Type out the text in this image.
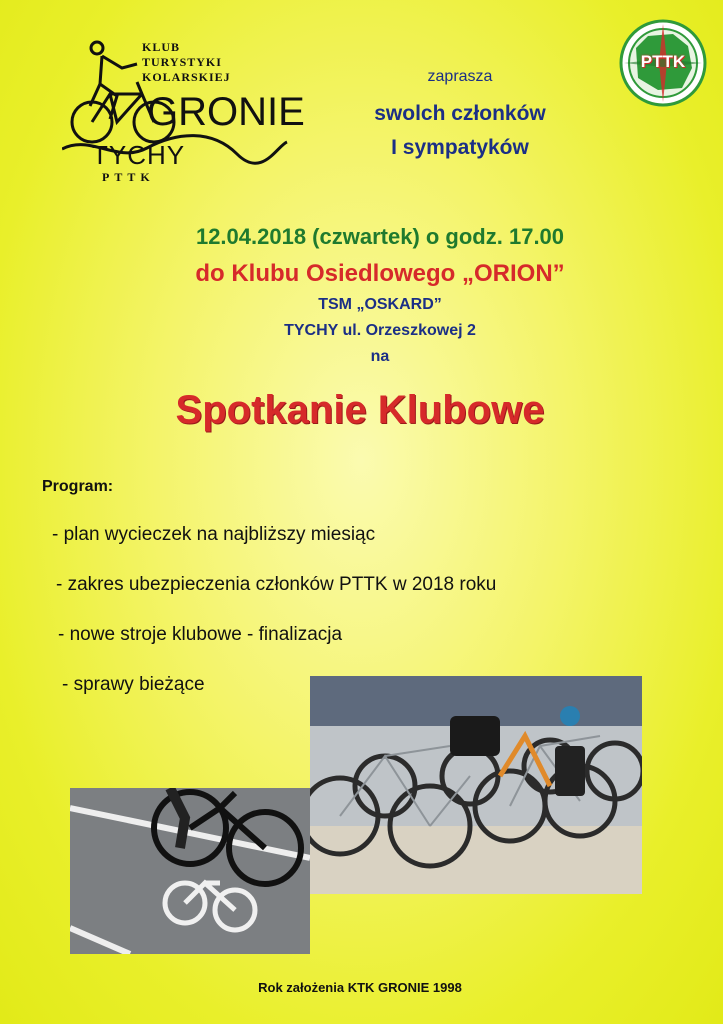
KLUB
TURYSTYKI
KOLARSKIEJ
GRONIE
TYCHY
PTTK
PTTK
zaprasza
swolch członków
I sympatyków
12.04.2018 (czwartek) o godz. 17.00
do Klubu Osiedlowego „ORION”
TSM „OSKARD”
TYCHY ul. Orzeszkowej 2
na
Spotkanie Klubowe
Program:
- plan wycieczek na najbliższy miesiąc
- zakres ubezpieczenia członków PTTK w 2018 roku
- nowe stroje klubowe - finalizacja
- sprawy bieżące
Rok założenia KTK GRONIE 1998
